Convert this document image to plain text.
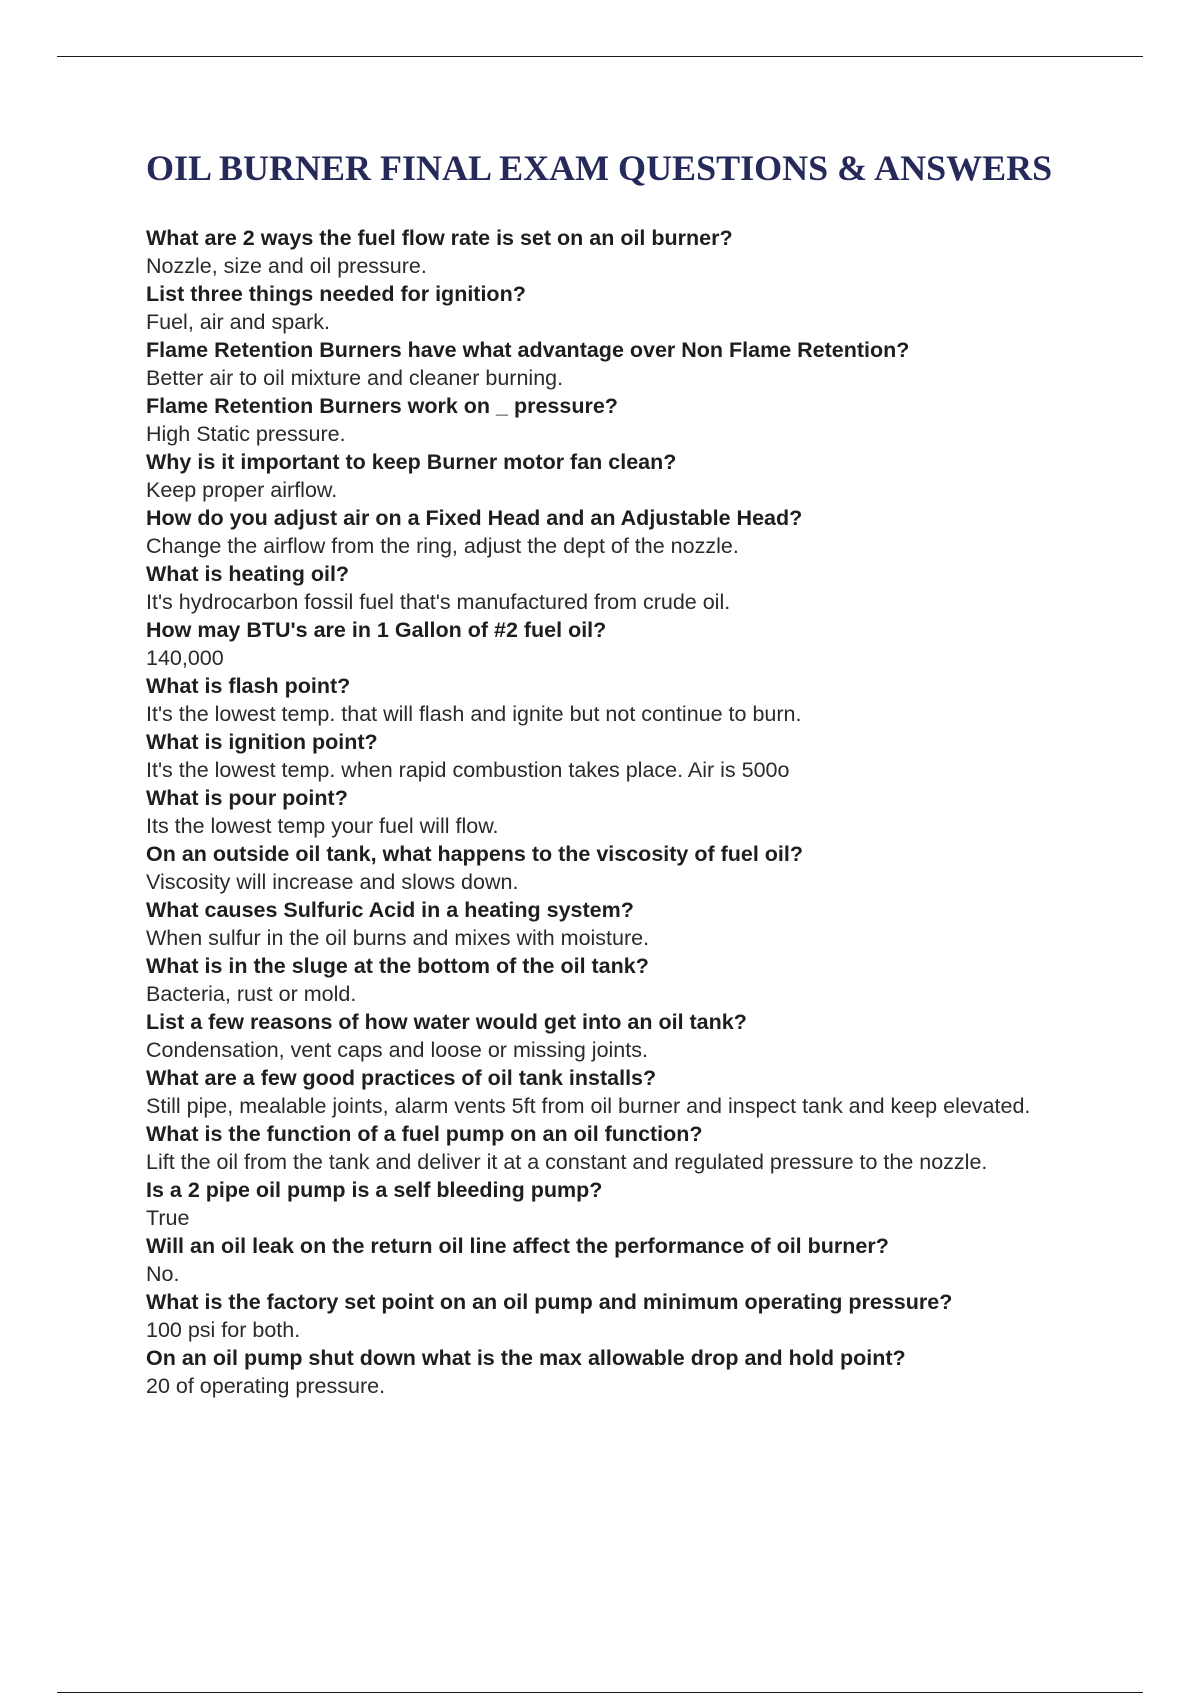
OIL BURNER FINAL EXAM QUESTIONS & ANSWERS
What are 2 ways the fuel flow rate is set on an oil burner?
Nozzle, size and oil pressure.
List three things needed for ignition?
Fuel, air and spark.
Flame Retention Burners have what advantage over Non Flame Retention?
Better air to oil mixture and cleaner burning.
Flame Retention Burners work on _ pressure?
High Static pressure.
Why is it important to keep Burner motor fan clean?
Keep proper airflow.
How do you adjust air on a Fixed Head and an Adjustable Head?
Change the airflow from the ring, adjust the dept of the nozzle.
What is heating oil?
It's hydrocarbon fossil fuel that's manufactured from crude oil.
How may BTU's are in 1 Gallon of #2 fuel oil?
140,000
What is flash point?
It's the lowest temp. that will flash and ignite but not continue to burn.
What is ignition point?
It's the lowest temp. when rapid combustion takes place. Air is 500o
What is pour point?
Its the lowest temp your fuel will flow.
On an outside oil tank, what happens to the viscosity of fuel oil?
Viscosity will increase and slows down.
What causes Sulfuric Acid in a heating system?
When sulfur in the oil burns and mixes with moisture.
What is in the sluge at the bottom of the oil tank?
Bacteria, rust or mold.
List a few reasons of how water would get into an oil tank?
Condensation, vent caps and loose or missing joints.
What are a few good practices of oil tank installs?
Still pipe, mealable joints, alarm vents 5ft from oil burner and inspect tank and keep elevated.
What is the function of a fuel pump on an oil function?
Lift the oil from the tank and deliver it at a constant and regulated pressure to the nozzle.
Is a 2 pipe oil pump is a self bleeding pump?
True
Will an oil leak on the return oil line affect the performance of oil burner?
No.
What is the factory set point on an oil pump and minimum operating pressure?
100 psi for both.
On an oil pump shut down what is the max allowable drop and hold point?
20 of operating pressure.
